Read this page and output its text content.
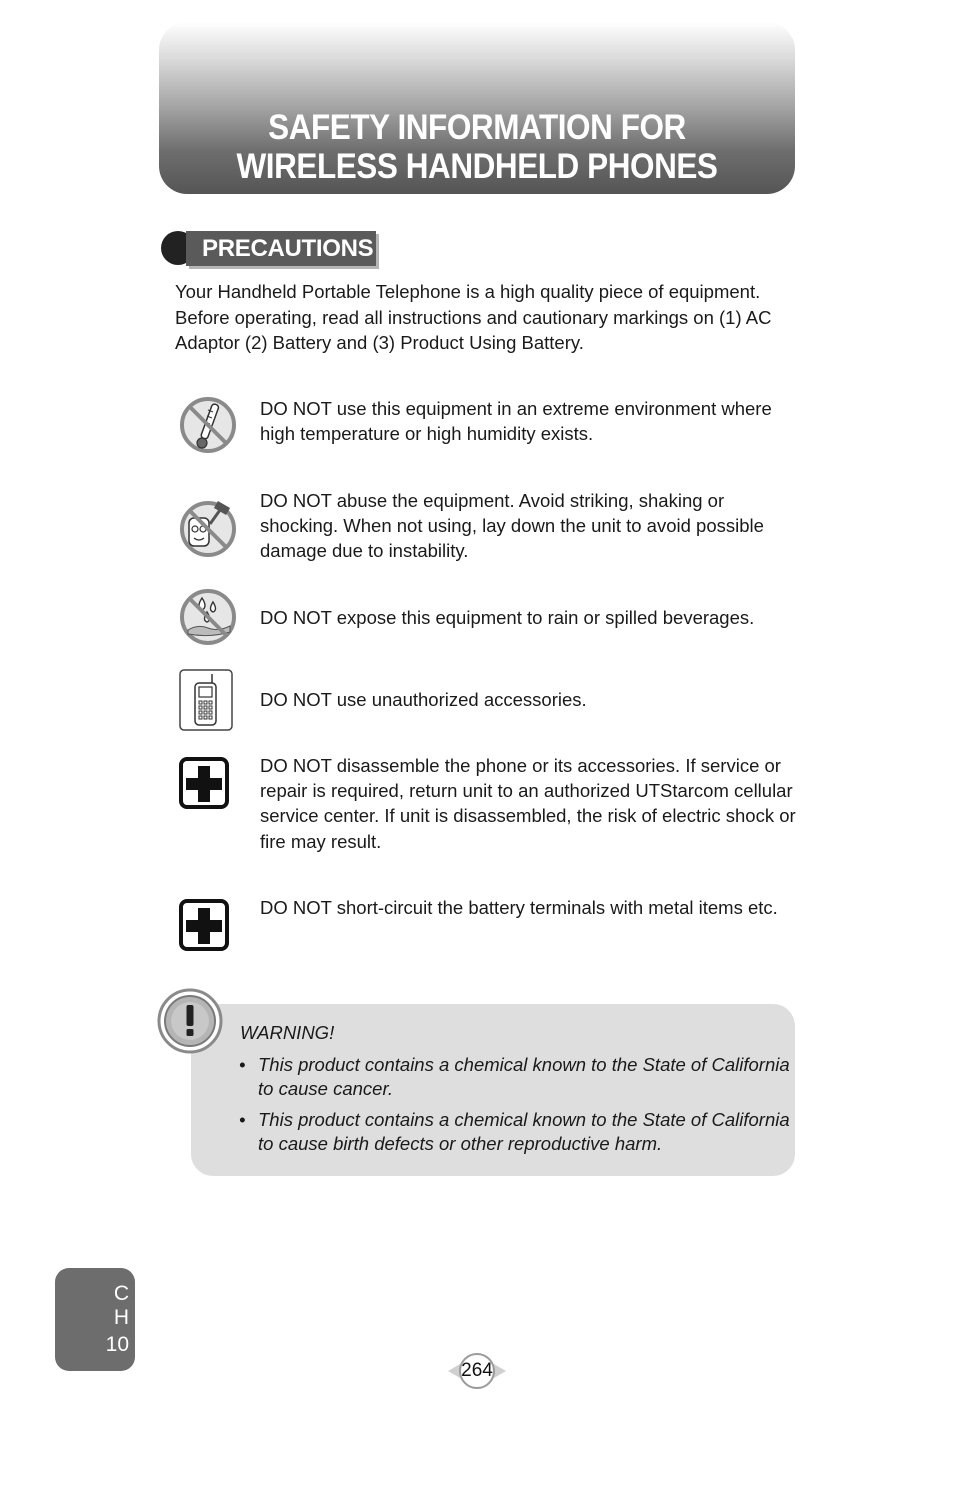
SAFETY INFORMATION FOR
WIRELESS HANDHELD PHONES
PRECAUTIONS
Your Handheld Portable Telephone is a high quality piece of equipment. Before operating, read all instructions and cautionary markings on (1) AC Adaptor (2) Battery and (3) Product Using Battery.
DO NOT use this equipment in an extreme environment where high temperature or high humidity exists.
DO NOT abuse the equipment. Avoid striking, shaking or shocking. When not using, lay down the unit to avoid possible damage due to instability.
DO NOT expose this equipment to rain or spilled beverages.
DO NOT use unauthorized accessories.
DO NOT disassemble the phone or its accessories. If service or repair is required, return unit to an authorized UTStarcom cellular service center. If unit is disassembled, the risk of electric shock or fire may result.
DO NOT short-circuit the battery terminals with metal items etc.
WARNING!
• This product contains a chemical known to the State of California to cause cancer.
• This product contains a chemical known to the State of California to cause birth defects or other reproductive harm.
C
H
10
264
